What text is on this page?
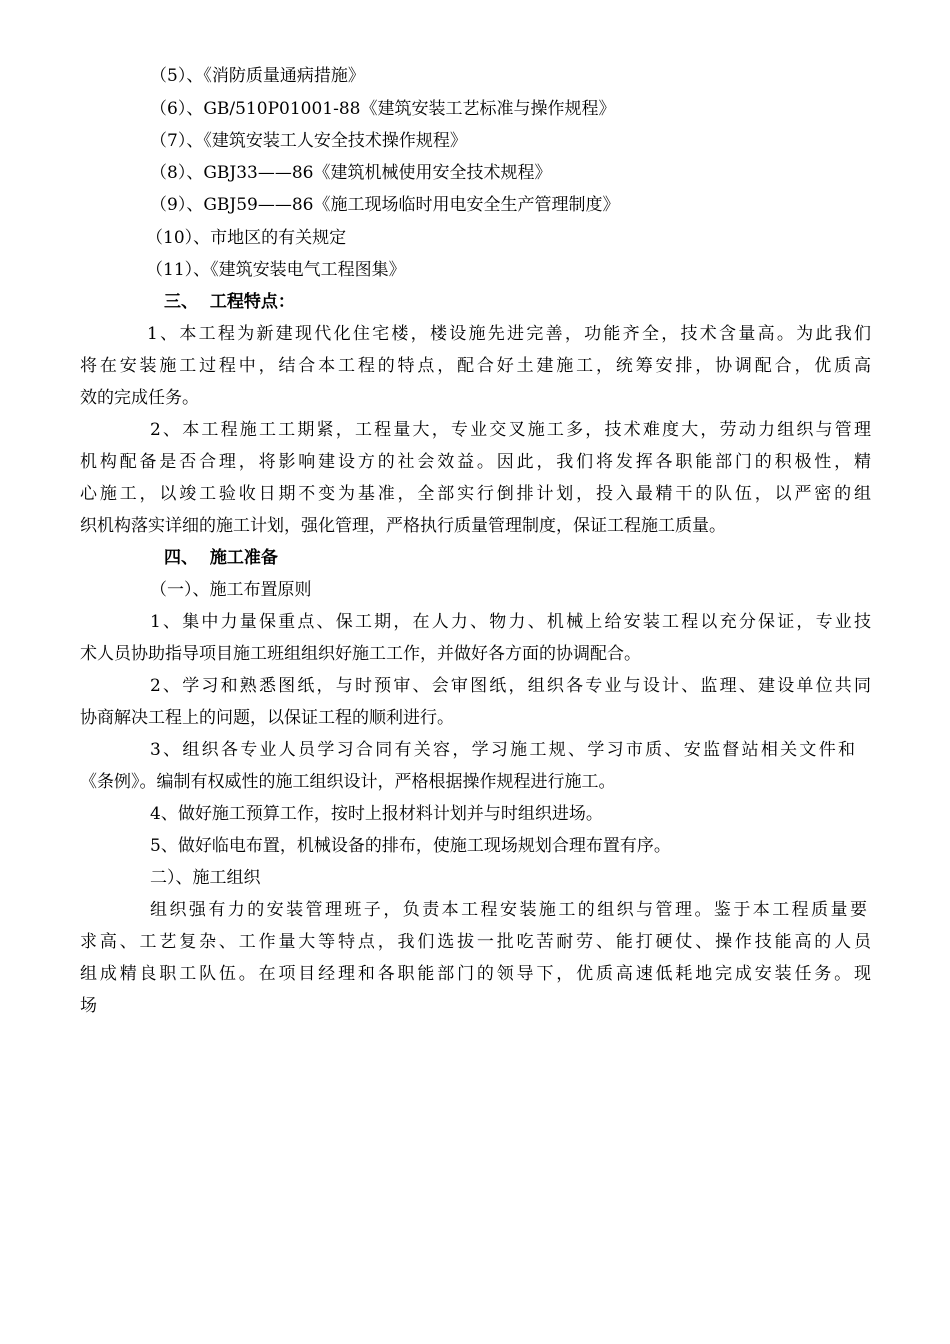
（5）、《消防质量通病措施》
（6）、GB/510P01001-88《建筑安装工艺标准与操作规程》
（7）、《建筑安装工人安全技术操作规程》
（8）、GBJ33——86《建筑机械使用安全技术规程》
（9）、GBJ59——86《施工现场临时用电安全生产管理制度》
（10）、市地区的有关规定
（11）、《建筑安装电气工程图集》
三、  工程特点：
1、本工程为新建现代化住宅楼，楼设施先进完善，功能齐全，技术含量高。为此我们
将在安装施工过程中，结合本工程的特点，配合好土建施工，统筹安排，协调配合，优质高
效的完成任务。
2、本工程施工工期紧，工程量大，专业交叉施工多，技术难度大，劳动力组织与管理
机构配备是否合理，将影响建设方的社会效益。因此，我们将发挥各职能部门的积极性，精
心施工，以竣工验收日期不变为基准，全部实行倒排计划，投入最精干的队伍，以严密的组
织机构落实详细的施工计划，强化管理，严格执行质量管理制度，保证工程施工质量。
四、  施工准备
（一）、施工布置原则
1、集中力量保重点、保工期，在人力、物力、机械上给安装工程以充分保证，专业技
术人员协助指导项目施工班组组织好施工工作，并做好各方面的协调配合。
2、学习和熟悉图纸，与时预审、会审图纸，组织各专业与设计、监理、建设单位共同
协商解决工程上的问题，以保证工程的顺利进行。
3、组织各专业人员学习合同有关容，学习施工规、学习市质、安监督站相关文件和
《条例》。编制有权威性的施工组织设计，严格根据操作规程进行施工。
4、做好施工预算工作，按时上报材料计划并与时组织进场。
5、做好临电布置，机械设备的排布，使施工现场规划合理布置有序。
二）、施工组织
组织强有力的安装管理班子，负责本工程安装施工的组织与管理。鉴于本工程质量要
求高、工艺复杂、工作量大等特点，我们选拔一批吃苦耐劳、能打硬仗、操作技能高的人员
组成精良职工队伍。在项目经理和各职能部门的领导下，优质高速低耗地完成安装任务。现
场
